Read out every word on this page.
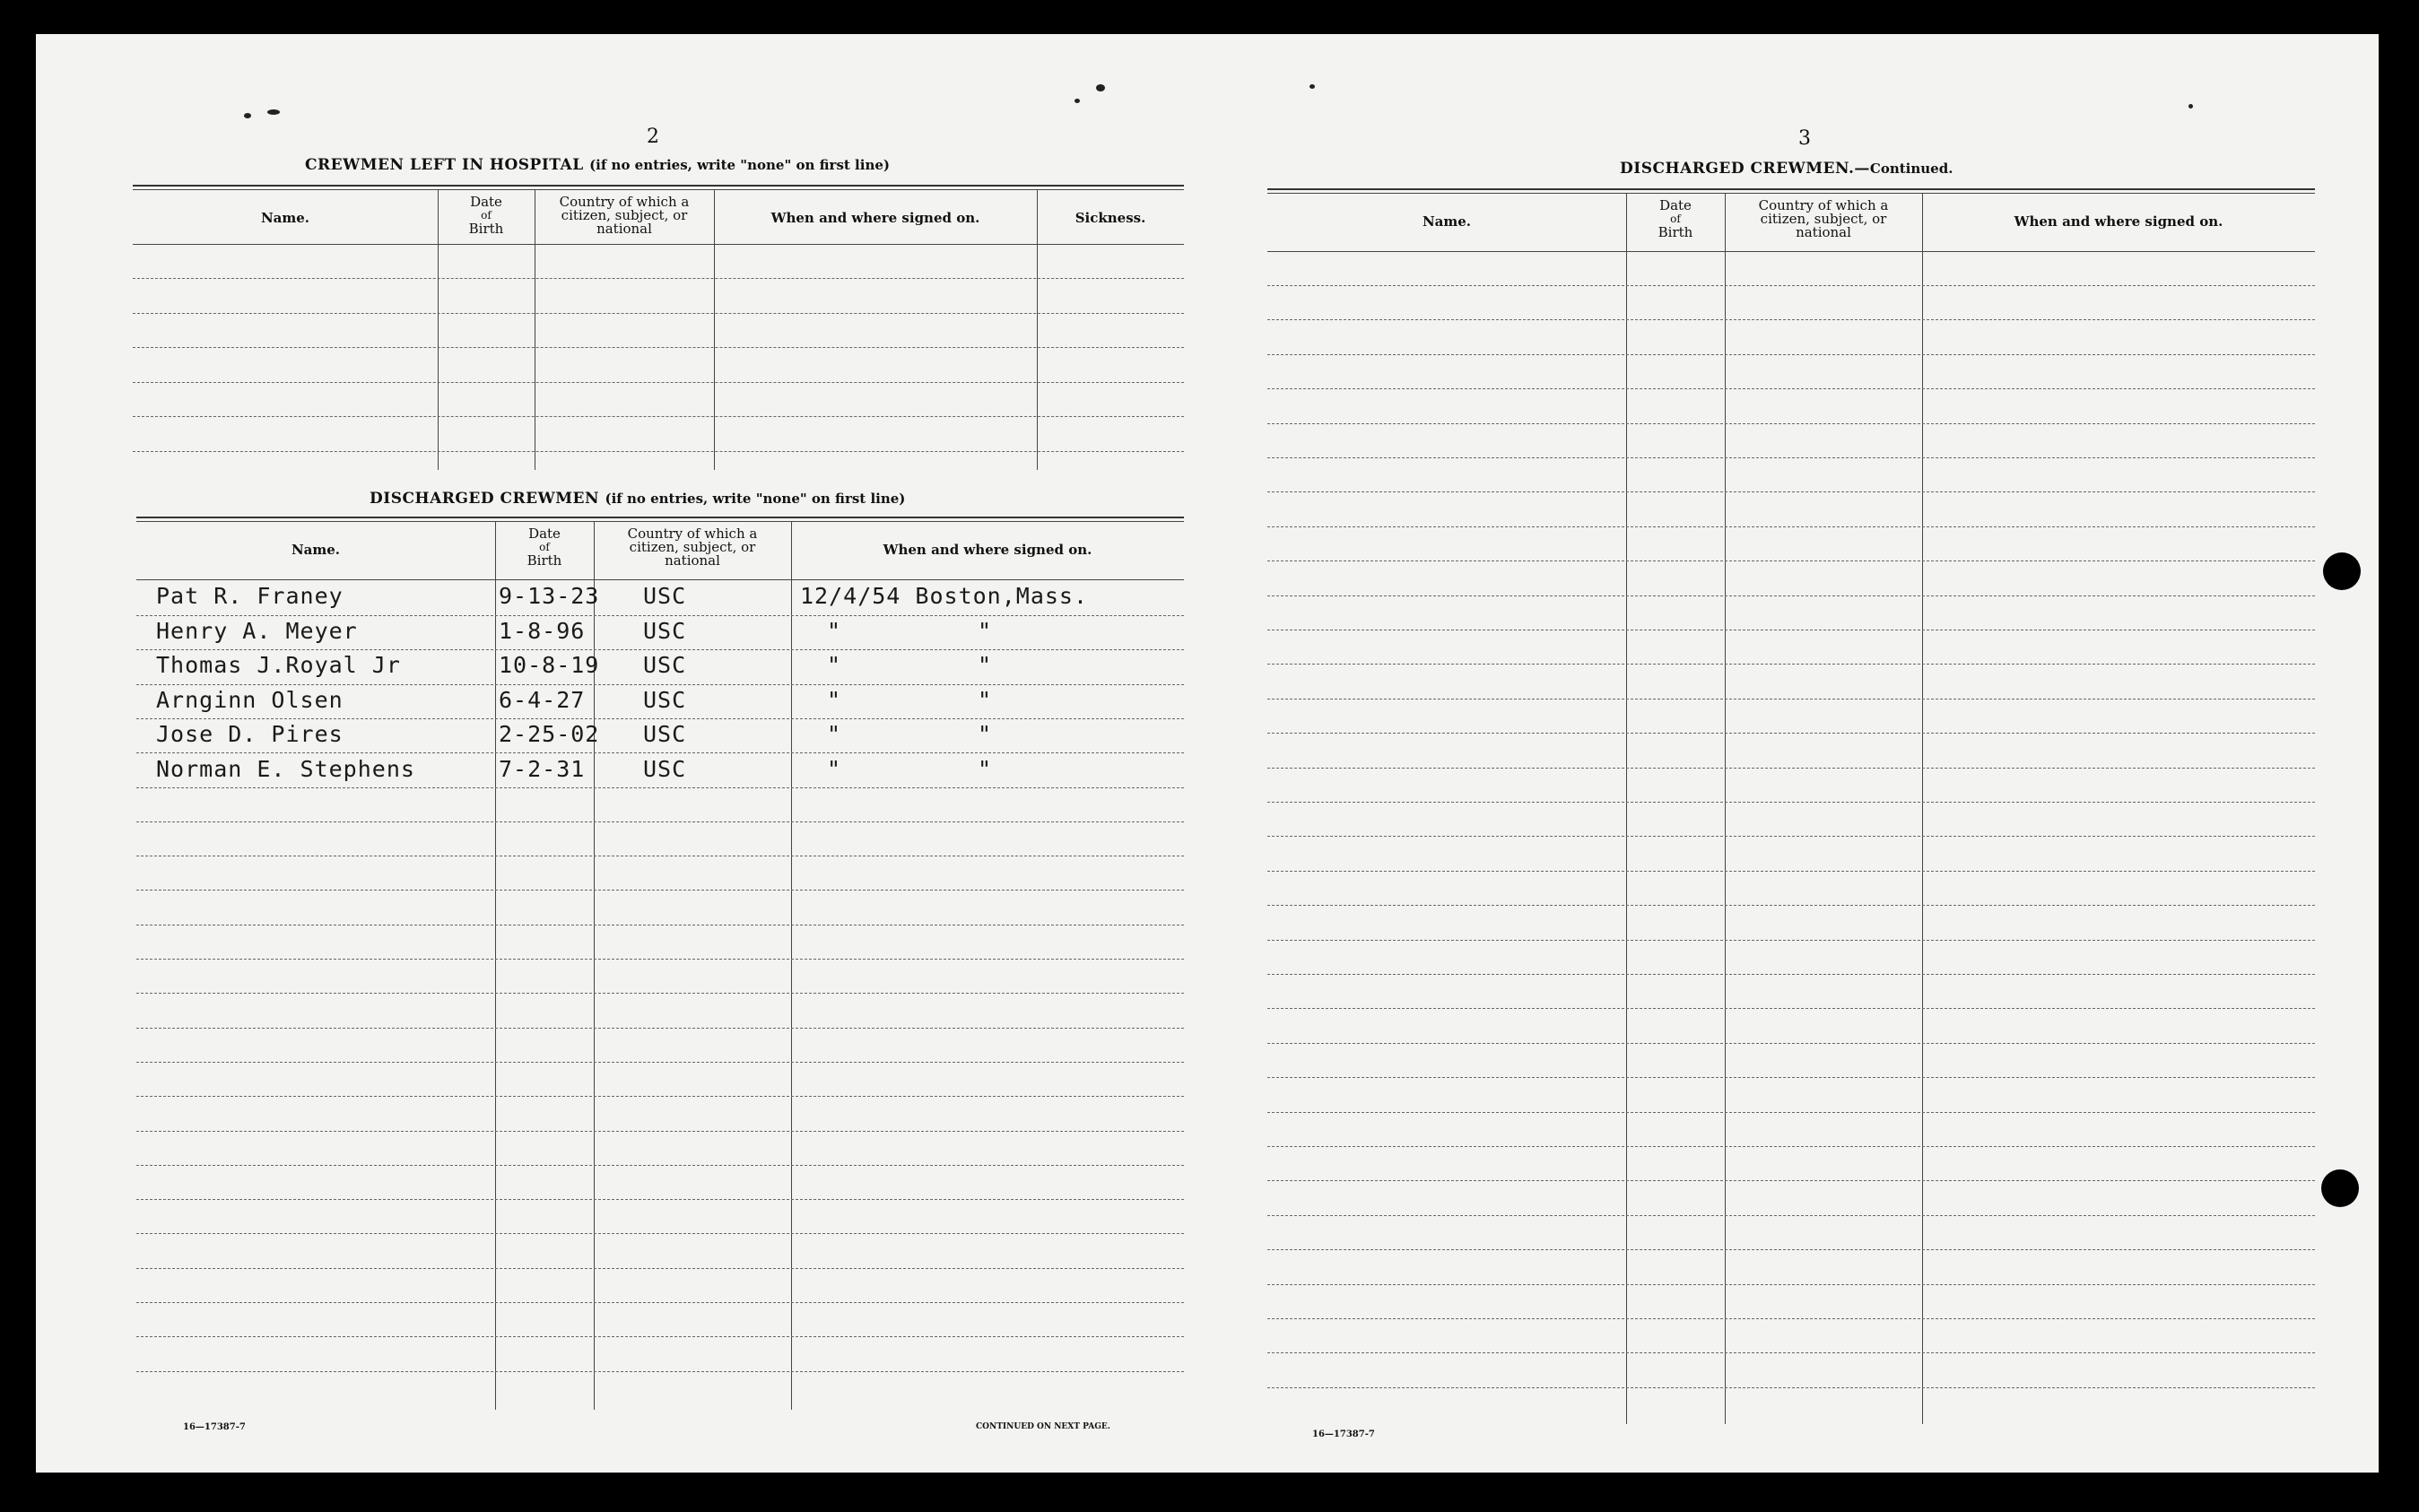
2
CREWMEN LEFT IN HOSPITAL (if no entries, write "none" on first line)
Name.
Date
of
Birth
Country of which a
citizen, subject, or
national
When and where signed on.	Sickness.
DISCHARGED CREWMEN (if no entries, write "none" on first line)
Name.
Date
of
Birth
Country of which a
citizen, subject, or
national
When and where signed on.
Pat R. Franey	9-13-23 USC	12/4/54 Boston,Mass.
Henry A. Meyer	1-8-96	USC	"	"
Thomas J.Royal Jr	10-8-19 USC	"	"
Arnginn Olsen	6-4-27	USC	"	"
Jose D. Pires	2-25-02 USC	"	"
Norman E. Stephens	7-2-31	USC	"	"
16—17387-7	CONTINUED ON NEXT PAGE.
3
DISCHARGED CREWMEN.—Continued.
Name.
Date
of
Birth
Country of which a
citizen, subject, or
national
When and where signed on.
16—17387-7
